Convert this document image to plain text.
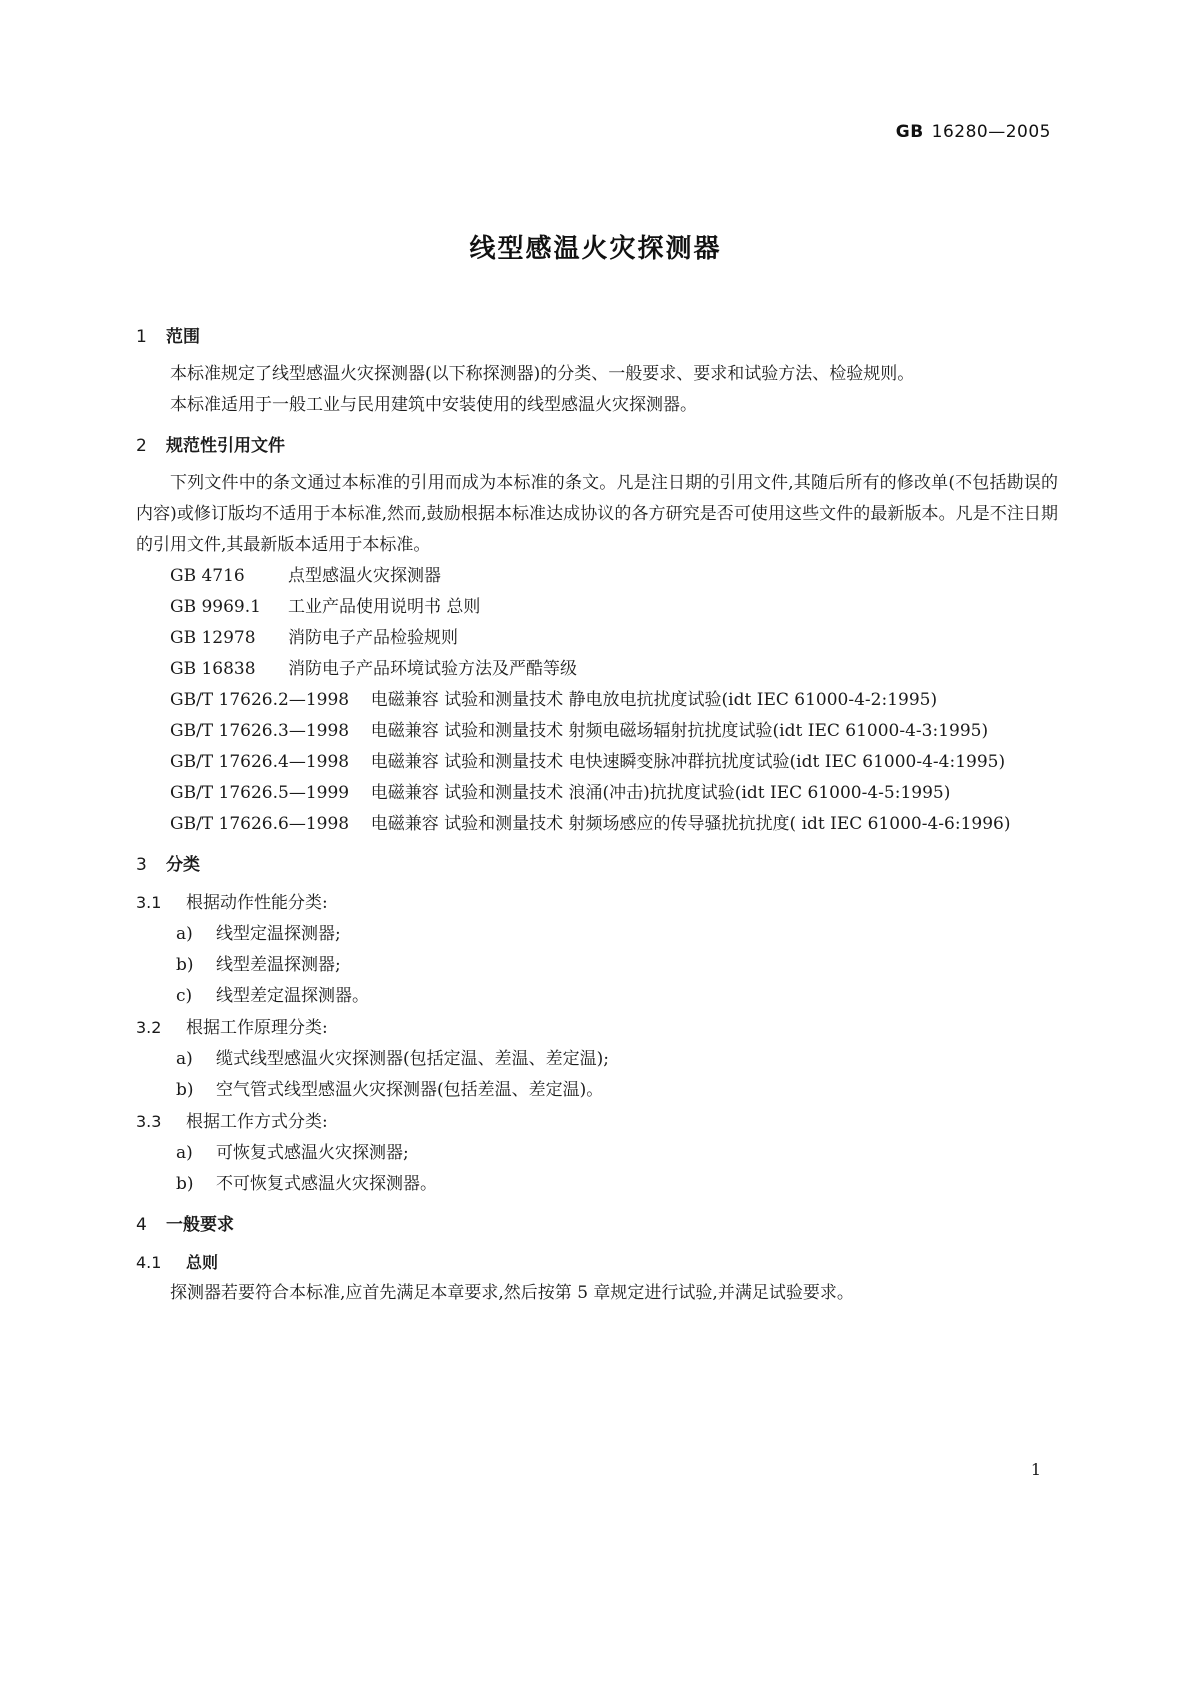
GB 16280—2005
线型感温火灾探测器
1 范围

本标准规定了线型感温火灾探测器(以下称探测器)的分类、一般要求、要求和试验方法、检验规则。

本标准适用于一般工业与民用建筑中安装使用的线型感温火灾探测器。

2 规范性引用文件

下列文件中的条文通过本标准的引用而成为本标准的条文。凡是注日期的引用文件,其随后所有的修改单(不包括勘误的内容)或修订版均不适用于本标准,然而,鼓励根据本标准达成协议的各方研究是否可使用这些文件的最新版本。凡是不注日期的引用文件,其最新版本适用于本标准。

GB 4716	点型感温火灾探测器

GB 9969.1 工业产品使用说明书 总则

GB 12978 消防电子产品检验规则

GB 16838 消防电子产品环境试验方法及严酷等级

GB/T 17626.2—1998 电磁兼容 试验和测量技术 静电放电抗扰度试验(idt IEC 61000-4-2:1995)

GB/T 17626.3—1998 电磁兼容 试验和测量技术 射频电磁场辐射抗扰度试验(idt IEC 61000-4-3:1995)

GB/T 17626.4—1998 电磁兼容 试验和测量技术 电快速瞬变脉冲群抗扰度试验(idt IEC 61000-4-4:1995)

GB/T 17626.5—1999 电磁兼容 试验和测量技术 浪涌(冲击)抗扰度试验(idt IEC 61000-4-5:1995)

GB/T 17626.6—1998 电磁兼容 试验和测量技术 射频场感应的传导骚扰抗扰度( idt IEC 61000-4-6:1996)

3 分类

3.1 根据动作性能分类:

a) 线型定温探测器;

b) 线型差温探测器;

c) 线型差定温探测器。

3.2 根据工作原理分类:

a) 缆式线型感温火灾探测器(包括定温、差温、差定温);

b) 空气管式线型感温火灾探测器(包括差温、差定温)。

3.3 根据工作方式分类:

a) 可恢复式感温火灾探测器;

b) 不可恢复式感温火灾探测器。

4 一般要求

4.1 总则

探测器若要符合本标准,应首先满足本章要求,然后按第 5 章规定进行试验,并满足试验要求。

1
